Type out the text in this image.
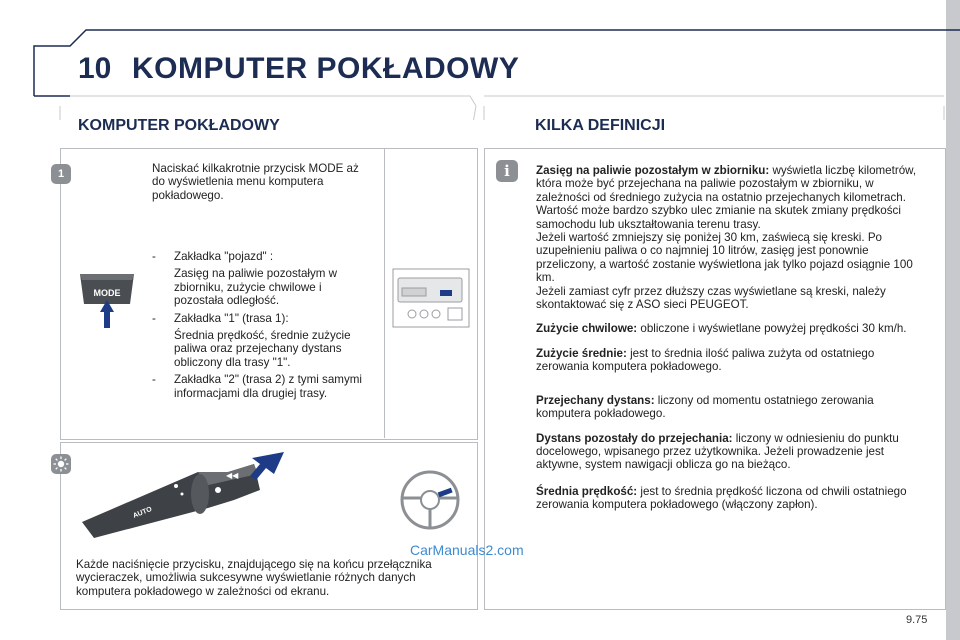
10 KOMPUTER POKŁADOWY
KOMPUTER POKŁADOWY
1	Naciskać kilkakrotnie przycisk MODE aż do wyświetlenia menu komputera pokładowego.
MODE
-	Zakładka "pojazd" :
Zasięg na paliwie pozostałym w zbiorniku, zużycie chwilowe i pozostała odległość.
-	Zakładka "1" (trasa 1):
Średnia prędkość, średnie zużycie paliwa oraz przejechany dystans obliczony dla trasy "1".
-	Zakładka "2" (trasa 2) z tymi samymi informacjami dla drugiej trasy.
AUTO
◀◀
Każde naciśnięcie przycisku, znajdującego się na końcu przełącznika wycieraczek, umożliwia sukcesywne wyświetlanie różnych danych komputera pokładowego w zależności od ekranu.
KILKA DEFINICJI
i	Zasięg na paliwie pozostałym w zbiorniku: wyświetla liczbę kilometrów, która może być przejechana na paliwie pozostałym w zbiorniku, w zależności od średniego zużycia na ostatnio przejechanych kilometrach.
Wartość może bardzo szybko ulec zmianie na skutek zmiany prędkości samochodu lub ukształtowania terenu trasy.
Jeżeli wartość zmniejszy się poniżej 30 km, zaświecą się kreski. Po uzupełnieniu paliwa o co najmniej 10 litrów, zasięg jest ponownie przeliczony, a wartość zostanie wyświetlona jak tylko pojazd osiągnie 100 km.
Jeżeli zamiast cyfr przez dłuższy czas wyświetlane są kreski, należy skontaktować się z ASO sieci PEUGEOT.

Zużycie chwilowe: obliczone i wyświetlane powyżej prędkości 30 km/h.

Zużycie średnie: jest to średnia ilość paliwa zużyta od ostatniego zerowania komputera pokładowego.

Przejechany dystans: liczony od momentu ostatniego zerowania komputera pokładowego.

Dystans pozostały do przejechania: liczony w odniesieniu do punktu docelowego, wpisanego przez użytkownika. Jeżeli prowadzenie jest aktywne, system nawigacji oblicza go na bieżąco.

Średnia prędkość: jest to średnia prędkość liczona od chwili ostatniego zerowania komputera pokładowego (włączony zapłon).

CarManuals2.com
9.75
